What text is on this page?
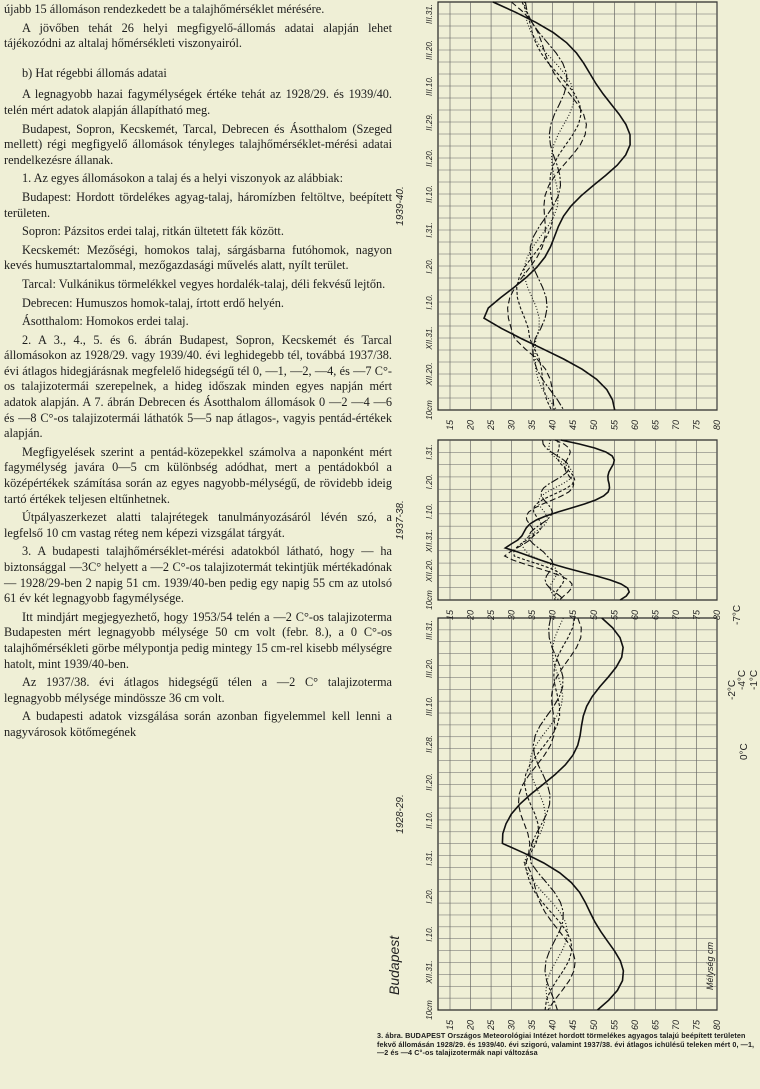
újabb 15 állomáson rendezkedett be a talajhőmérséklet mérésére.

A jövőben tehát 26 helyi megfigyelő-állomás adatai alapján lehet tájékozódni az altalaj hőmérsékleti viszonyairól.

b) Hat régebbi állomás adatai

A legnagyobb hazai fagymélységek értéke tehát az 1928/29. és 1939/40. telén mért adatok alapján állapítható meg.

Budapest, Sopron, Kecskemét, Tarcal, Debrecen és Ásotthalom (Szeged mellett) régi megfigyelő állomások tényleges talajhőmérséklet-mérési adatai rendelkezésre állanak.

1. Az egyes állomásokon a talaj és a helyi viszonyok az alábbiak:

Budapest: Hordott tördelékes agyag-talaj, háromízben feltöltve, beépített területen.

Sopron: Pázsitos erdei talaj, ritkán ültetett fák között.

Kecskemét: Mezőségi, homokos talaj, sárgásbarna futóhomok, nagyon kevés humusztartalommal, mezőgazdasági művelés alatt, nyílt terület.

Tarcal: Vulkánikus törmelékkel vegyes hordalék-talaj, déli fekvésű lejtőn.

Debrecen: Humuszos homok-talaj, írtott erdő helyén.

Ásotthalom: Homokos erdei talaj.

2. A 3., 4., 5. és 6. ábrán Budapest, Sopron, Kecskemét és Tarcal állomásokon az 1928/29. vagy 1939/40. évi leghidegebb tél, továbbá 1937/38. évi átlagos hidegjárásnak megfelelő hidegségű tél 0, —1, —2, —4, és —7 C°-os talajizotermái szerepelnek, a hideg időszak minden egyes napján mért adatok alapján. A 7. ábrán Debrecen és Ásotthalom állomások 0 —2 —4 —6 és —8 C°-os talajizotermái láthatók 5—5 nap átlagos-, vagyis pentád-értékek alapján.

Megfigyelések szerint a pentád-közepekkel számolva a naponként mért fagymélység javára 0—5 cm különbség adódhat, mert a pentádokból a középértékek számítása során az egyes nagyobb-mélységű, de rövidebb ideig tartó értékek teljesen eltűnhetnek.

Útpályaszerkezet alatti talajrétegek tanulmányozásáról lévén szó, a legfelső 10 cm vastag réteg nem képezi vizsgálat tárgyát.

3. A budapesti talajhőmérséklet-mérési adatokból látható, hogy — ha biztonsággal —3C° helyett a —2 C°-os talajizotermát tekintjük mértékadónak — 1928/29-ben 2 napig 51 cm. 1939/40-ben pedig egy napig 55 cm az utolsó 61 év két legnagyobb fagymélysége.

Itt mindjárt megjegyezhető, hogy 1953/54 telén a —2 C°-os talajizoterma Budapesten mért legnagyobb mélysége 50 cm volt (febr. 8.), a 0 C°-os talajhőmérsékleti görbe mélypontja pedig mintegy 15 cm-rel kisebb mélységre hatolt, mint 1939/40-ben.

Az 1937/38. évi átlagos hidegségű télen a —2 C° talajizoterma legnagyobb mélysége mindössze 36 cm volt.

A budapesti adatok vizsgálása során azonban figyelemmel kell lenni a nagyvárosok kötőmegének

III.31.
III.20.
III.10.
II.29.
II.20.
II.10.
I.31.
I.20.
I.10.
XII.31.
XII.20.
10cm
1939-40.
15 20 25 30 35 40 45 50 55 60 65 70 75 80
I.31.
I.20.
I.10.
XII.31.
XII.20.
10cm
1937-38.
15 20 25 30 35 40 45 50 55 60 65 70 75 80
III.31.
III.20.
III.10.
II.28.
II.20.
II.10.
I.31.
I.20.
I.10.
XII.31.
10cm
1928-29.
15 20 25 30 35 40 45 50 55 60 65 70 75 80
0°C
-1°C
-2°C -4°C
-7°C
Budapest	Mélység cm
3. ábra. BUDAPEST Országos Meteorológiai Intézet hordott törmelékes agyagos talajú beépített területen fekvő állomásán 1928/29. és 1939/40. évi szigorú, valamint 1937/38. évi átlagos ichülésű teleken mért 0, —1, —2 és —4 C°-os talajizotermák napi változása
